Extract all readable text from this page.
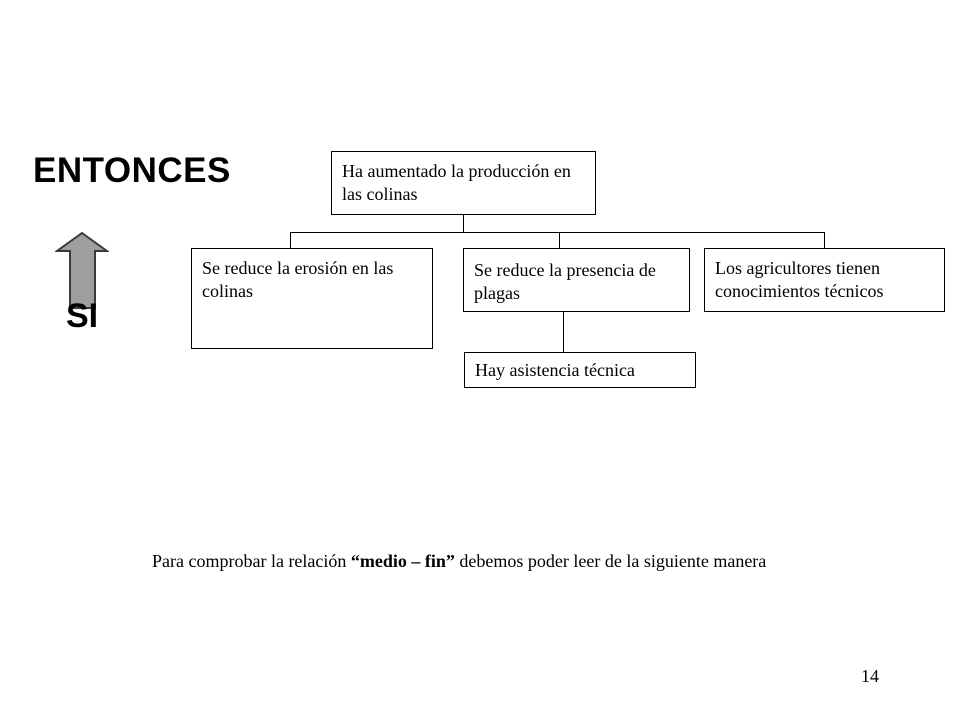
ENTONCES
SI
Ha aumentado la producción en las colinas
Se reduce la erosión en las colinas
Se reduce la presencia de plagas
Los agricultores tienen conocimientos técnicos
Hay asistencia técnica
Para comprobar la relación “medio – fin” debemos poder leer de la siguiente manera
14
